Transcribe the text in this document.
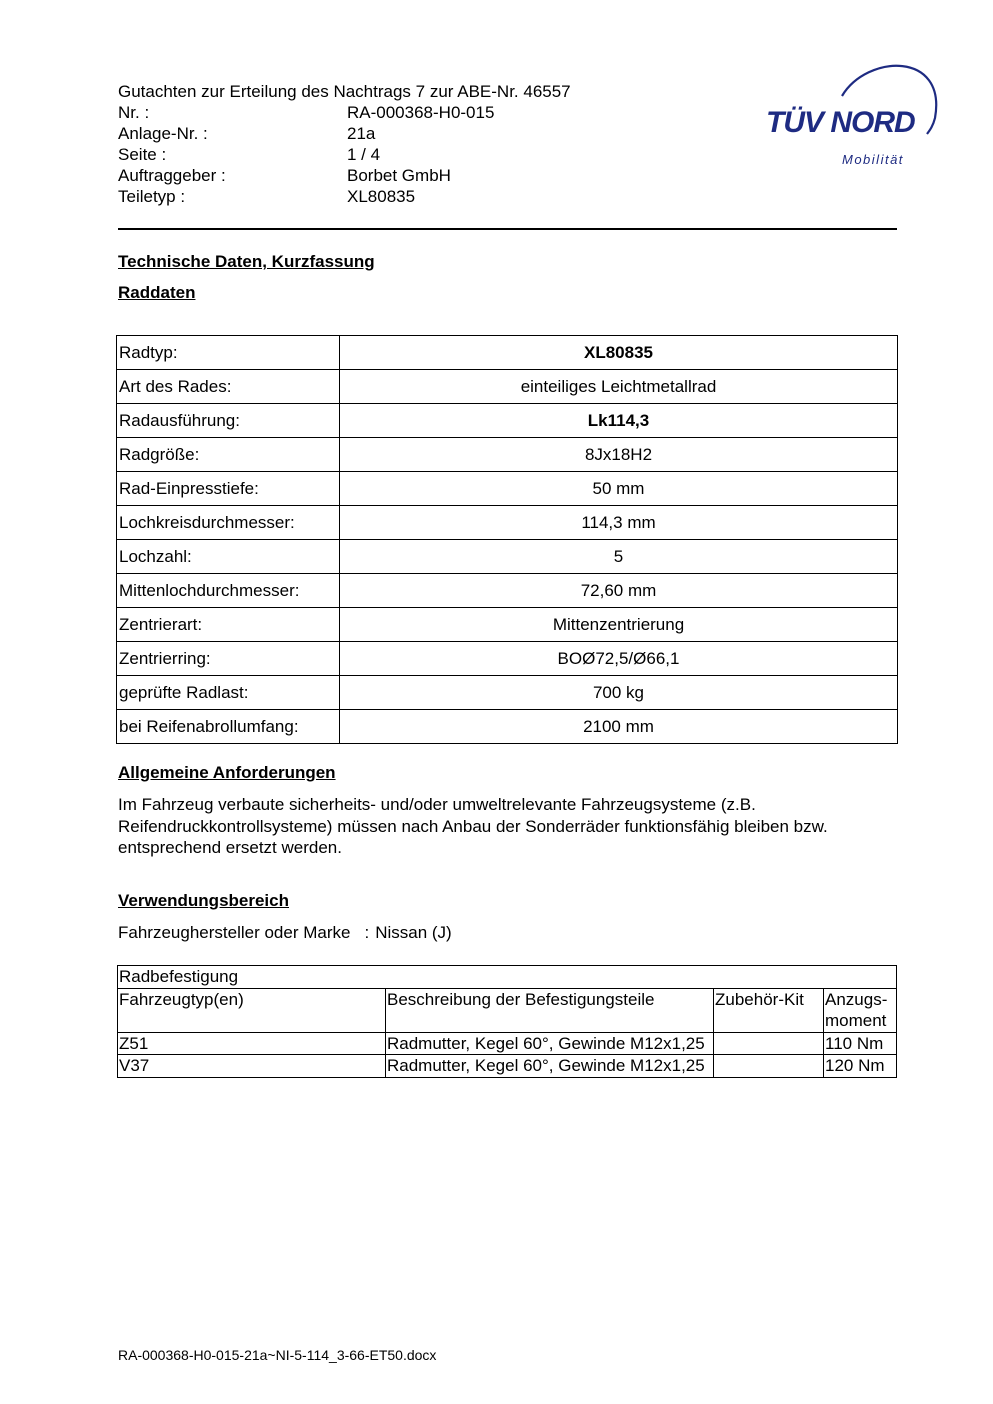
Gutachten zur Erteilung des Nachtrags 7 zur ABE-Nr. 46557
Nr. :	RA-000368-H0-015
Anlage-Nr. :	21a
Seite :	1 / 4
Auftraggeber :	Borbet GmbH
Teiletyp :	XL80835
TÜV NORD
Mobilität
Technische Daten, Kurzfassung
Raddaten
Radtyp:	XL80835
Art des Rades:	einteiliges Leichtmetallrad
Radausführung:	Lk114,3
Radgröße:	8Jx18H2
Rad-Einpresstiefe:	50 mm
Lochkreisdurchmesser:	114,3 mm
Lochzahl:	5
Mittenlochdurchmesser:	72,60 mm
Zentrierart:	Mittenzentrierung
Zentrierring:	BOØ72,5/Ø66,1
geprüfte Radlast:	700 kg
bei Reifenabrollumfang:	2100 mm
Allgemeine Anforderungen
Im Fahrzeug verbaute sicherheits- und/oder umweltrelevante Fahrzeugsysteme (z.B. Reifendruckkontrollsysteme) müssen nach Anbau der Sonderräder funktionsfähig bleiben bzw. entsprechend ersetzt werden.
Verwendungsbereich
Fahrzeughersteller oder Marke : Nissan (J)
Radbefestigung			
Fahrzeugtyp(en)	Beschreibung der Befestigungsteile	Zubehör-Kit	Anzugs-moment
Z51	Radmutter, Kegel 60°, Gewinde M12x1,25		110 Nm
V37	Radmutter, Kegel 60°, Gewinde M12x1,25		120 Nm
RA-000368-H0-015-21a~NI-5-114_3-66-ET50.docx
